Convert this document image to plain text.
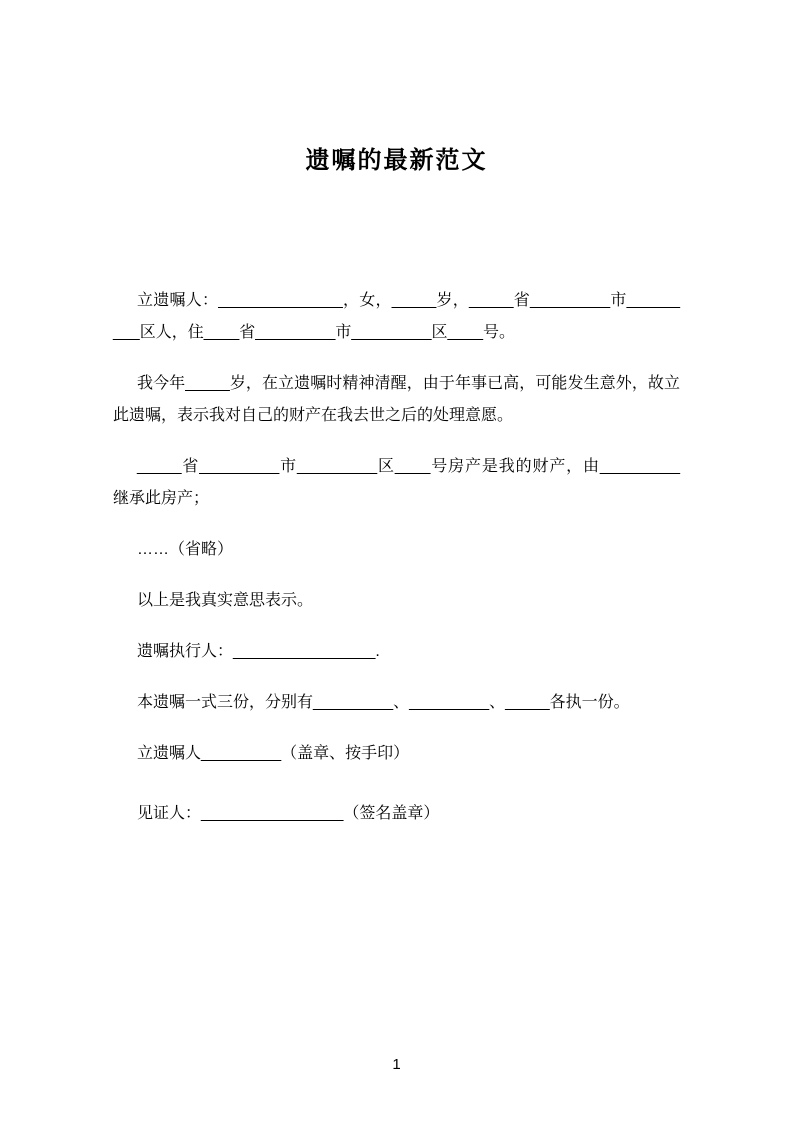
遗嘱的最新范文

立遗嘱人：______________，女，_____岁，_____省_________市_________区人，住____省_________市_________区____号。

我今年_____岁，在立遗嘱时精神清醒，由于年事已高，可能发生意外，故立此遗嘱，表示我对自己的财产在我去世之后的处理意愿。

_____省_________市_________区____号房产是我的财产，由_________继承此房产；

……（省略）

以上是我真实意思表示。

遗嘱执行人：________________.

本遗嘱一式三份，分别有_________、_________、_____各执一份。

立遗嘱人_________（盖章、按手印）

见证人：________________（签名盖章）

1
